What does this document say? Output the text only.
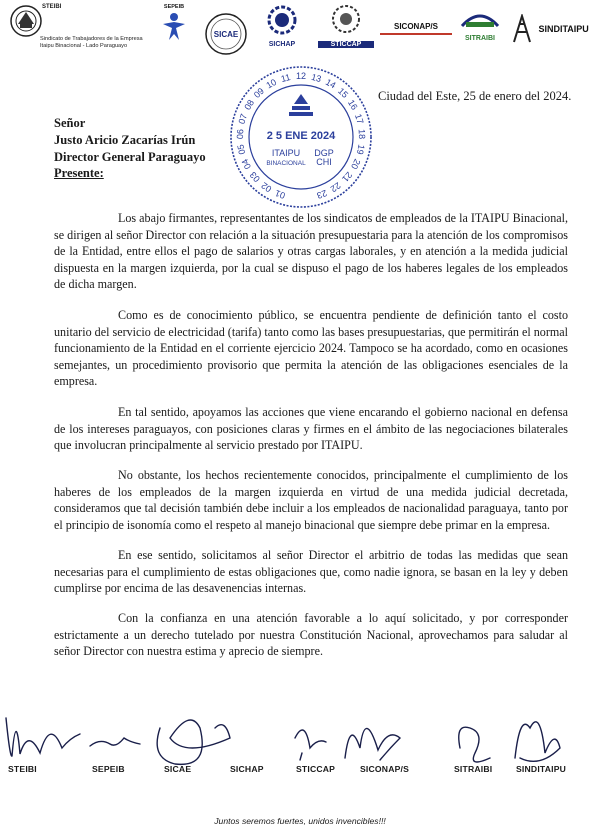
STEIBI
Sindicato de Trabajadores de la Empresa
Itaipu Binacional - Lado Paraguayo
SEPEIB
SICAE
SICHAP	STICCAP
SICONAP/S
SITRAIBI
SINDITAIPU
01
02
03
04
05
06
07
08
09
10 11 12 13 14
15
16
17
18
19
20
21
22
23
2 5 ENE 2024
ITAIPU
BINACIONAL
DGP
CHI
Ciudad del Este, 25 de enero del 2024.
Señor
Justo Aricio Zacarías Irún
Director General Paraguayo
Presente:

Los abajo firmantes, representantes de los sindicatos de empleados de la ITAIPU Binacional, se dirigen al señor Director con relación a la situación presupuestaria para la atención de los compromisos de la Entidad, entre ellos el pago de salarios y otras cargas laborales, y en atención a la medida judicial dispuesta en la margen izquierda, por la cual se dispuso el pago de los haberes legales de los empleados de dicha margen.

Como es de conocimiento público, se encuentra pendiente de definición tanto el costo unitario del servicio de electricidad (tarifa) tanto como las bases presupuestarias, que permitirán el normal funcionamiento de la Entidad en el corriente ejercicio 2024. Tampoco se ha acordado, como en ocasiones semejantes, un procedimiento provisorio que permita la atención de las obligaciones esenciales de la empresa.

En tal sentido, apoyamos las acciones que viene encarando el gobierno nacional en defensa de los intereses paraguayos, con posiciones claras y firmes en el ámbito de las negociaciones bilaterales que involucran principalmente al servicio prestado por ITAIPU.

No obstante, los hechos recientemente conocidos, principalmente el cumplimiento de los haberes de los empleados de la margen izquierda en virtud de una medida judicial decretada, consideramos que tal decisión también debe incluir a los empleados de nacionalidad paraguaya, tanto por el principio de isonomía como el respeto al manejo binacional que siempre debe primar en la empresa.

En ese sentido, solicitamos al señor Director el arbitrio de todas las medidas que sean necesarias para el cumplimiento de estas obligaciones que, como nadie ignora, se basan en la ley y deben cumplirse por encima de las desavenencias internas.

Con la confianza en una atención favorable a lo aquí solicitado, y por corresponder estrictamente a un derecho tutelado por nuestra Constitución Nacional, aprovechamos para saludar al señor Director con nuestra estima y aprecio de siempre.

STEIBI	SEPEIB	SICAE	SICHAP	STICCAP	SICONAP/S	SITRAIBI	SINDITAIPU
Juntos seremos fuertes, unidos invencibles!!!
